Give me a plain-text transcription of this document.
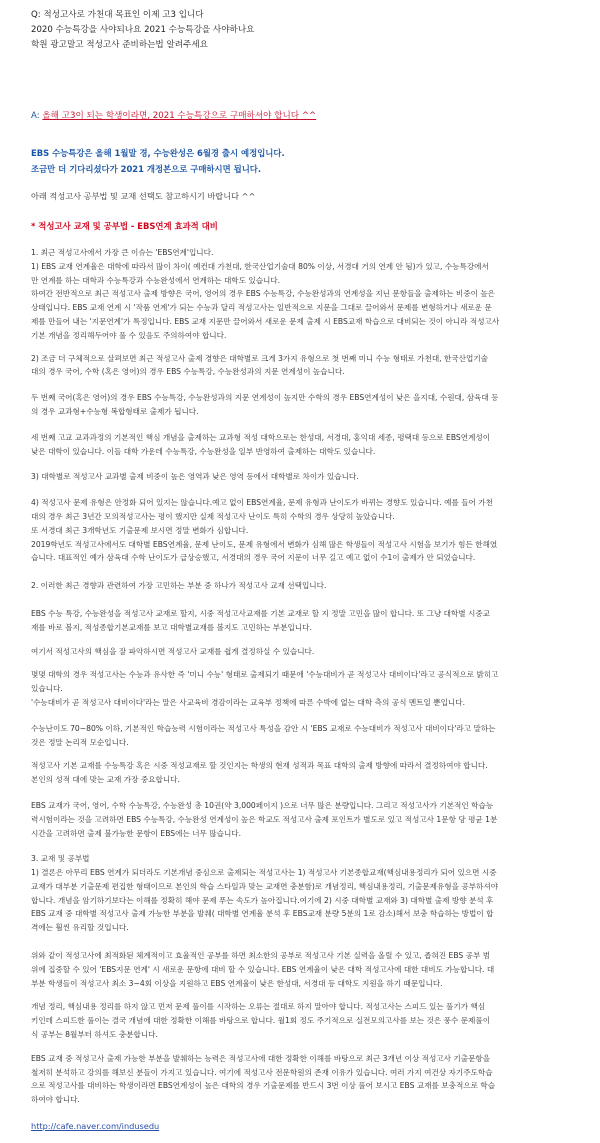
Q: 적성고사로 가천대 목표인 이제 고3 입니다
2020 수능특강을 사야되나요 2021 수능특강을 사야하나요
학원 광고말고 적성고사 준비하는법 알려주세요
A: 올해 고3이 되는 학생이라면, 2021 수능특강으로 구매하셔야 합니다 ^^
EBS 수능특강은 올해 1월말 경, 수능완성은 6월경 출시 예정입니다.
조금만 더 기다리셨다가 2021 개정본으로 구매하시면 됩니다.
아래 적성고사 공부법 및 교재 선택도 참고하시기 바랍니다 ^^
* 적성고사 교재 및 공부법 - EBS연계 효과적 대비
1. 최근 적성고사에서 가장 큰 이슈는 'EBS연계'입니다.
1) EBS 교재 연계율은 대학에 따라서 많이 차이( 예컨대 가천대, 한국산업기술대 80% 이상, 서경대 거의 연계 안 됨)가 있고, 수능특강에서
만 연계를 하는 대학과 수능특강과 수능완성에서 연계하는 대학도 있습니다.
하여간 전반적으로 최근 적성고사 출제 방향은 국어, 영어의 경우 EBS 수능특강, 수능완성과의 연계성을 지닌 문항들을 출제하는 비중이 높은
상태입니다. EBS 교재 연계 시 '작품 연계'가 되는 수능과 달리 적성고사는 일반적으로 지문을 그대로 끌어와서 문제를 변형하거나 새로운 문
제를 만들어 내는 '지문연계'가 특징입니다. EBS 교재 지문만 끌어와서 새로운 문제 출제 시 EBS교재 학습으로 대비되는 것이 아니라 적성고사
기본 개념을 정리해두어야 풀 수 있음도 주의하여야 합니다.
2) 조금 더 구체적으로 살펴보면 최근 적성고사 출제 경향은 대학별로 크게 3가지 유형으로 첫 번째 미니 수능 형태로 가천대, 한국산업기술
대의 경우 국어, 수학 (혹은 영어)의 경우 EBS 수능특강, 수능완성과의 지문 연계성이 높습니다.
두 번째 국어(혹은 영어)의 경우 EBS 수능특강, 수능완성과의 지문 연계성이 높지만 수학의 경우 EBS연계성이 낮은 을지대, 수원대, 삼육대 등
의 경우 교과형+수능형 복합형태로 출제가 됩니다.
세 번째 고교 교과과정의 기본적인 핵심 개념을 출제하는 교과형 적성 대학으로는 한성대, 서경대, 홍익대 세종, 평택대 등으로 EBS연계성이
낮은 대학이 있습니다. 이들 대학 가운데 수능특강, 수능완성을 일부 반영하여 출제하는 대학도 있습니다.
3) 대학별로 적성고사 교과별 출제 비중이 높은 영역과 낮은 영역 등에서 대학별로 차이가 있습니다.
4) 적성고사 문제 유형은 안정화 되어 있지는 않습니다.예고 없이 EBS연계율, 문제 유형과 난이도가 바뀌는 경향도 있습니다. 예를 들어 가천
대의 경우 최근 3년간 모의적성고사는 평이 했지만 실제 적성고사 난이도 특히 수학의 경우 상당히 높았습니다.
또 서경대 최근 3개학년도 기출문제 보시면 정말 변화가 심합니다.
2019학년도 적성고사에서도 대학별 EBS연계율, 문제 난이도, 문제 유형에서 변화가 심해 많은 학생들이 적성고사 시험을 보기가 힘든 한해였
습니다. 대표적인 예가 삼육대 수학 난이도가 급상승했고, 서경대의 경우 국어 지문이 너무 길고 예고 없이 수1이 출제가 안 되었습니다.
2. 이러한 최근 경향과 관련하여 가장 고민하는 부분 중 하나가 적성고사 교재 선택입니다.
EBS 수능 특강, 수능완성을 적성고사 교재로 할지, 시중 적성고사교재를 기본 교재로 할 지 정말 고민을 많이 합니다. 또 그냥 대학별 시중교
재를 바로 볼지, 적성종합기본교재를 보고 대학별교재를 볼지도 고민하는 부분입니다.
여기서 적성고사의 핵심을 잘 파악하시면 적성고사 교재를 쉽게 결정하실 수 있습니다.
몇몇 대학의 경우 적성고사는 수능과 유사한 즉 '미니 수능' 형태로 출제되기 때문에 '수능대비가 곧 적성고사 대비이다'라고 공식적으로 밝히고
있습니다.
'수능대비가 곧 적성고사 대비이다'라는 말은 사교육비 경감이라는 교육부 정책에 따른 수박에 없는 대학 측의 공식 멘트일 뿐입니다.
수능난이도 70~80% 이하, 기본적인 학습능력 시험이라는 적성고사 특성을 감안 시 'EBS 교재로 수능대비가 적성고사 대비이다'라고 말하는
것은 정말 논리적 모순입니다.
적성고사 기본 교재를 수능특강 혹은 시중 적성교재로 할 것인지는 학생의 현재 성적과 목표 대학의 출제 방향에 따라서 결정하여야 합니다.
본인의 성적 대에 맞는 교재 가장 중요합니다.
EBS 교재가 국어, 영어, 수학 수능특강, 수능완성 총 10권(약 3,000페이지 )으로 너무 많은 분량입니다. 그리고 적성고사가 기본적인 학습능
력시험이라는 것을 고려하면 EBS 수능특강, 수능완성 연계성이 높은 학교도 적성고사 출제 포인트가 별도로 있고 적성고사 1문항 당 평균 1분
시간을 고려하면 출제 불가능한 문항이 EBS에는 너무 많습니다.
3. 교재 및 공부법
1) 결론은 아무리 EBS 연계가 되더라도 기본개념 중심으로 출제되는 적성고사는 1) 적성고사 기본종합교재(핵심내용정리가 되어 있으면 시중
교재가 대부분 기출문제 편집한 형태이므로 본인의 학습 스타일과 맞는 교재면 충분함)로 개념정리, 핵심내용정리, 기출문제유형을 공부하셔야
합니다. 개념을 암기하기보다는 이해를 정확히 해야 문제 푸는 속도가 높아집니다.여기에 2) 시중 대학별 교재와 3) 대학별 출제 방향 분석 후
EBS 교재 중 대학별 적성고사 출제 가능한 부분을 발췌( 대학별 연계율 분석 후 EBS교재 분량 5분의 1로 감소)해서 보충 학습하는 방법이 합
격에는 훨씬 유리할 것입니다.
위와 같이 적성고사에 최적화된 체계적이고 효율적인 공부를 하면 최소한의 공부로 적성고사 기본 실력을 올릴 수 있고, 좁혀진 EBS 공부 범
위에 집중할 수 있어 'EBS지문 연계' 시 새로운 문항에 대비 할 수 있습니다. EBS 연계율이 낮은 대학 적성고사에 대한 대비도 가능합니다. 대
부분 학생들이 적성고사 최소 3~4회 이상을 지원하고 EBS 연계율이 낮은 한성대, 서경대 등 대학도 지원을 하기 때문입니다.
개념 정리, 핵심내용 정리를 하지 않고 먼저 문제 풀이를 시작하는 오류는 절대로 하지 말아야 합니다. 적성고사는 스피드 있는 풀기가 핵심
키인데 스피드한 풀이는 결국 개념에 대한 정확한 이해를 바탕으로 합니다. 월1회 정도 주기적으로 실전모의고사를 보는 것은 풍수 문제풀이
식 공부는 8월부터 하셔도 충분합니다.
EBS 교재 중 적성고사 출제 가능한 부분을 발췌하는 능력은 적성고사에 대한 정확한 이해를 바탕으로 최근 3개년 이상 적성고사 기출문항을
철저히 분석하고 강의를 해보신 분들이 가지고 있습니다. 여기에 적성고사 전문학원의 존재 이유가 있습니다. 여러 가지 여건상 자기주도학습
으로 적성고사를 대비하는 학생이라면 EBS연계성이 높은 대학의 경우 기출문제를 반드시 3번 이상 풀어 보시고 EBS 교재를 보충적으로 학습
하여야 합니다.
http://cafe.naver.com/indusedu
